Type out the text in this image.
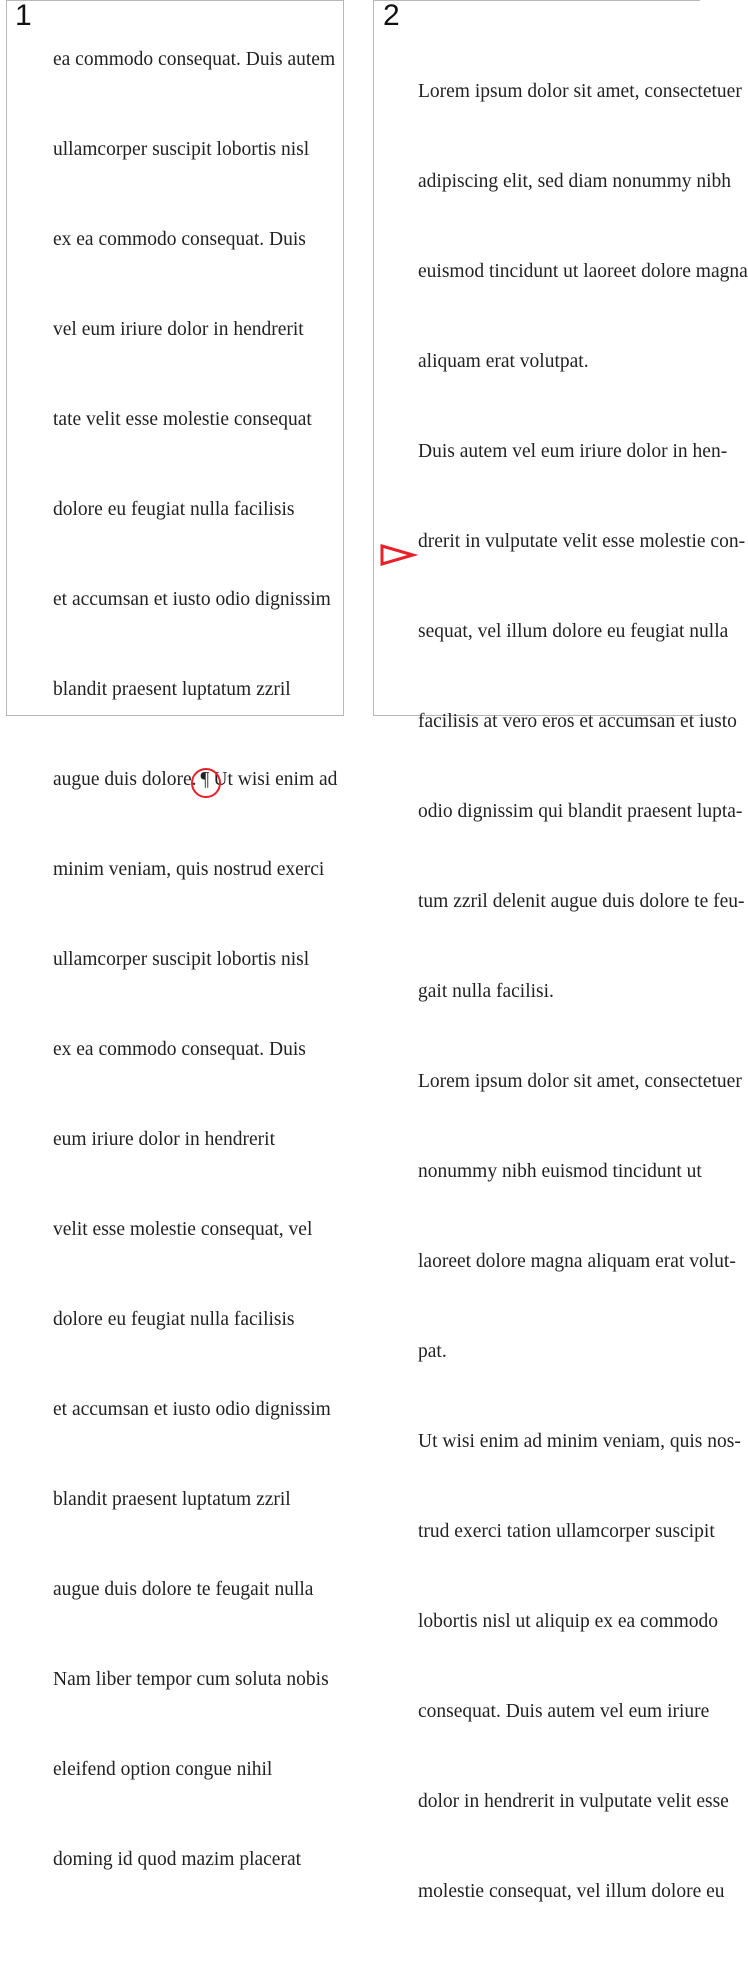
1

ea commodo consequat. Duis autem

ullamcorper suscipit lobortis nisl

ex ea commodo consequat. Duis

vel eum iriure dolor in hendrerit

tate velit esse molestie consequat

dolore eu feugiat nulla facilisis

et accumsan et iusto odio dignissim

blandit praesent luptatum zzril

augue duis dolore. ¶ Ut wisi enim ad

minim veniam, quis nostrud exerci

ullamcorper suscipit lobortis nisl

ex ea commodo consequat. Duis

eum iriure dolor in hendrerit

velit esse molestie consequat, vel

dolore eu feugiat nulla facilisis

et accumsan et iusto odio dignissim

blandit praesent luptatum zzril

augue duis dolore te feugait nulla

Nam liber tempor cum soluta nobis

eleifend option congue nihil

doming id quod mazim placerat

2

Lorem ipsum dolor sit amet, consectetuer

adipiscing elit, sed diam nonummy nibh

euismod tincidunt ut laoreet dolore magna

aliquam erat volutpat.

Duis autem vel eum iriure dolor in hen-

drerit in vulputate velit esse molestie con-

sequat, vel illum dolore eu feugiat nulla

facilisis at vero eros et accumsan et iusto

odio dignissim qui blandit praesent lupta-

tum zzril delenit augue duis dolore te feu-

gait nulla facilisi.

Lorem ipsum dolor sit amet, consectetuer

nonummy nibh euismod tincidunt ut

laoreet dolore magna aliquam erat volut-

pat.

Ut wisi enim ad minim veniam, quis nos-

trud exerci tation ullamcorper suscipit

lobortis nisl ut aliquip ex ea commodo

consequat. Duis autem vel eum iriure

dolor in hendrerit in vulputate velit esse

molestie consequat, vel illum dolore eu
